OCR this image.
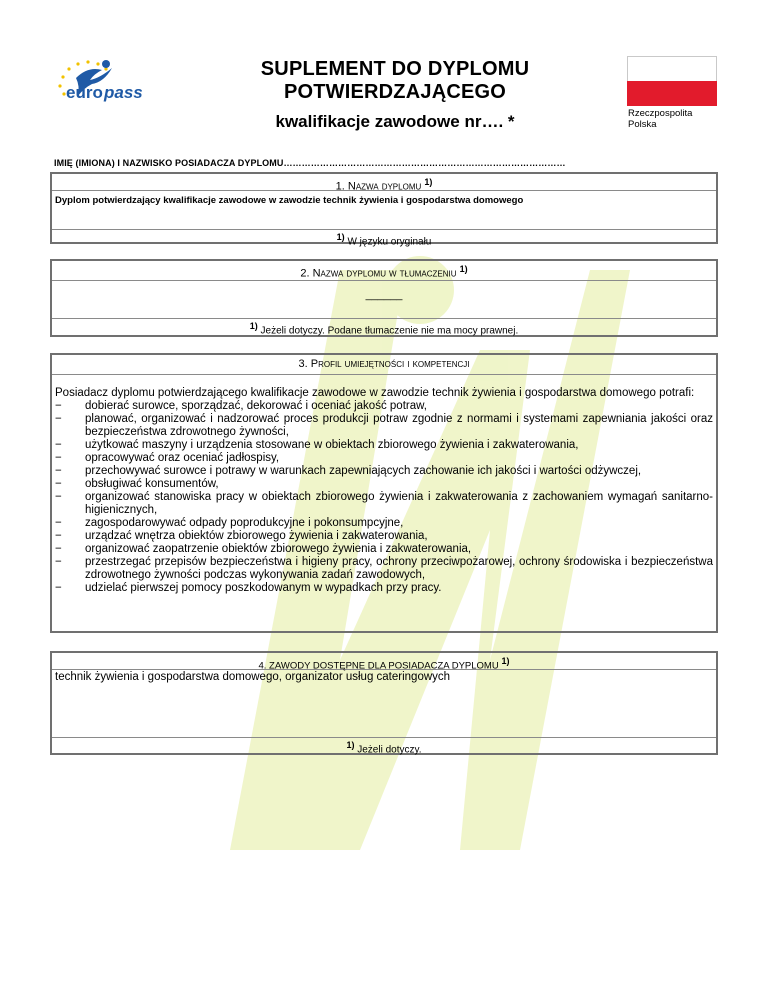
euro pass
SUPLEMENT DO DYPLOMU POTWIERDZAJĄCEGO
kwalifikacje zawodowe nr…. *	Rzeczpospolita
Polska
IMIĘ (IMIONA) I NAZWISKO POSIADACZA DYPLOMU…………………………………………………………………………………
1. Nazwa dyplomu $^{1)}$
Dyplom potwierdzający kwalifikacje zawodowe w zawodzie technik żywienia i gospodarstwa domowego
1) W języku oryginału
2. Nazwa dyplomu w tłumaczeniu $^{1)}$
______
1) Jeżeli dotyczy. Podane tłumaczenie nie ma mocy prawnej.
3. Profil umiejętności i kompetencji
Posiadacz dyplomu potwierdzającego kwalifikacje zawodowe w zawodzie technik żywienia i gospodarstwa domowego potrafi:
− dobierać surowce, sporządzać, dekorować i oceniać jakość potraw,
− planować, organizować i nadzorować proces produkcji potraw zgodnie z normami i systemami zapewniania jakości oraz bezpieczeństwa zdrowotnego żywności,
− użytkować maszyny i urządzenia stosowane w obiektach zbiorowego żywienia i zakwaterowania,
− opracowywać oraz oceniać jadłospisy,
− przechowywać surowce i potrawy w warunkach zapewniających zachowanie ich jakości i wartości odżywczej,
− obsługiwać konsumentów,
− organizować stanowiska pracy w obiektach zbiorowego żywienia i zakwaterowania z zachowaniem wymagań sanitarno-higienicznych,
− zagospodarowywać odpady poprodukcyjne i pokonsumpcyjne,
− urządzać wnętrza obiektów zbiorowego żywienia i zakwaterowania,
− organizować zaopatrzenie obiektów zbiorowego żywienia i zakwaterowania,
− przestrzegać przepisów bezpieczeństwa i higieny pracy, ochrony przeciwpożarowej, ochrony środowiska i bezpieczeństwa zdrowotnego żywności podczas wykonywania zadań zawodowych,
− udzielać pierwszej pomocy poszkodowanym w wypadkach przy pracy.
4. ZAWODY DOSTĘPNE DLA POSIADACZA DYPLOMU 1)
technik żywienia i gospodarstwa domowego, organizator usług cateringowych
1) Jeżeli dotyczy.
